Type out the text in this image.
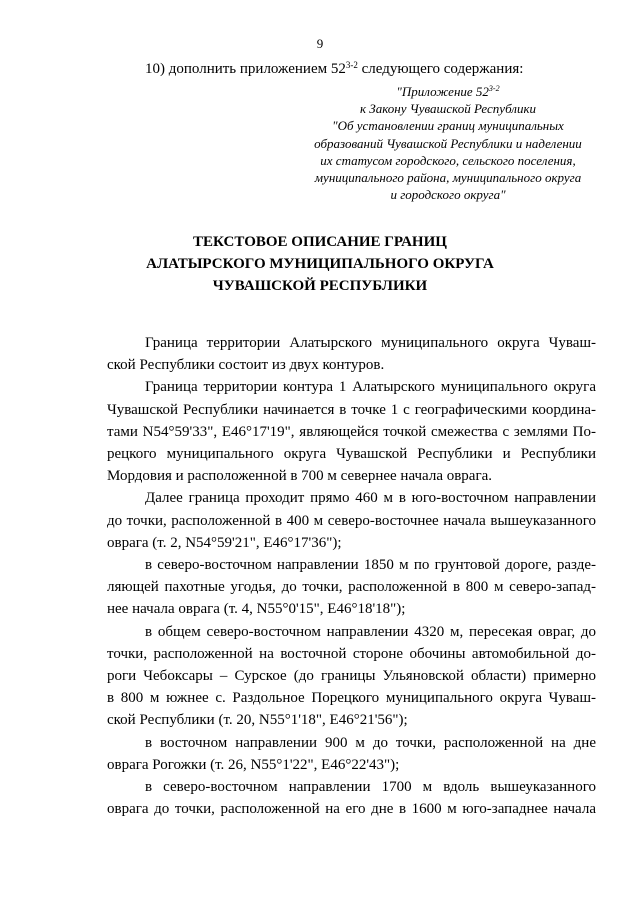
9
10) дополнить приложением 52$^{3-2}$ следующего содержания:
"Приложение 52$^{3-2}$
к Закону Чувашской Республики
"Об установлении границ муниципальных
образований Чувашской Республики и наделении
их статусом городского, сельского поселения,
муниципального района, муниципального округа
и городского округа"
ТЕКСТОВОЕ ОПИСАНИЕ ГРАНИЦ
АЛАТЫРСКОГО МУНИЦИПАЛЬНОГО ОКРУГА
ЧУВАШСКОЙ РЕСПУБЛИКИ

Граница территории Алатырского муниципального округа Чуваш-
ской Республики состоит из двух контуров.

Граница территории контура 1 Алатырского муниципального округа
Чувашской Республики начинается в точке 1 с географическими координа-
тами N54°59'33", E46°17'19", являющейся точкой смежества с землями По-
рецкого муниципального округа Чувашской Республики и Республики
Мордовия и расположенной в 700 м севернее начала оврага.

Далее граница проходит прямо 460 м в юго-восточном направлении
до точки, расположенной в 400 м северо-восточнее начала вышеуказанного
оврага (т. 2, N54°59'21", E46°17'36");

в северо-восточном направлении 1850 м по грунтовой дороге, разде-
ляющей пахотные угодья, до точки, расположенной в 800 м северо-запад-
нее начала оврага (т. 4, N55°0'15", E46°18'18");

в общем северо-восточном направлении 4320 м, пересекая овраг, до
точки, расположенной на восточной стороне обочины автомобильной до-
роги Чебоксары – Сурское (до границы Ульяновской области) примерно
в 800 м южнее с. Раздольное Порецкого муниципального округа Чуваш-
ской Республики (т. 20, N55°1'18", E46°21'56");

в восточном направлении 900 м до точки, расположенной на дне
оврага Рогожки (т. 26, N55°1'22", E46°22'43");

в северо-восточном направлении 1700 м вдоль вышеуказанного
оврага до точки, расположенной на его дне в 1600 м юго-западнее начала
